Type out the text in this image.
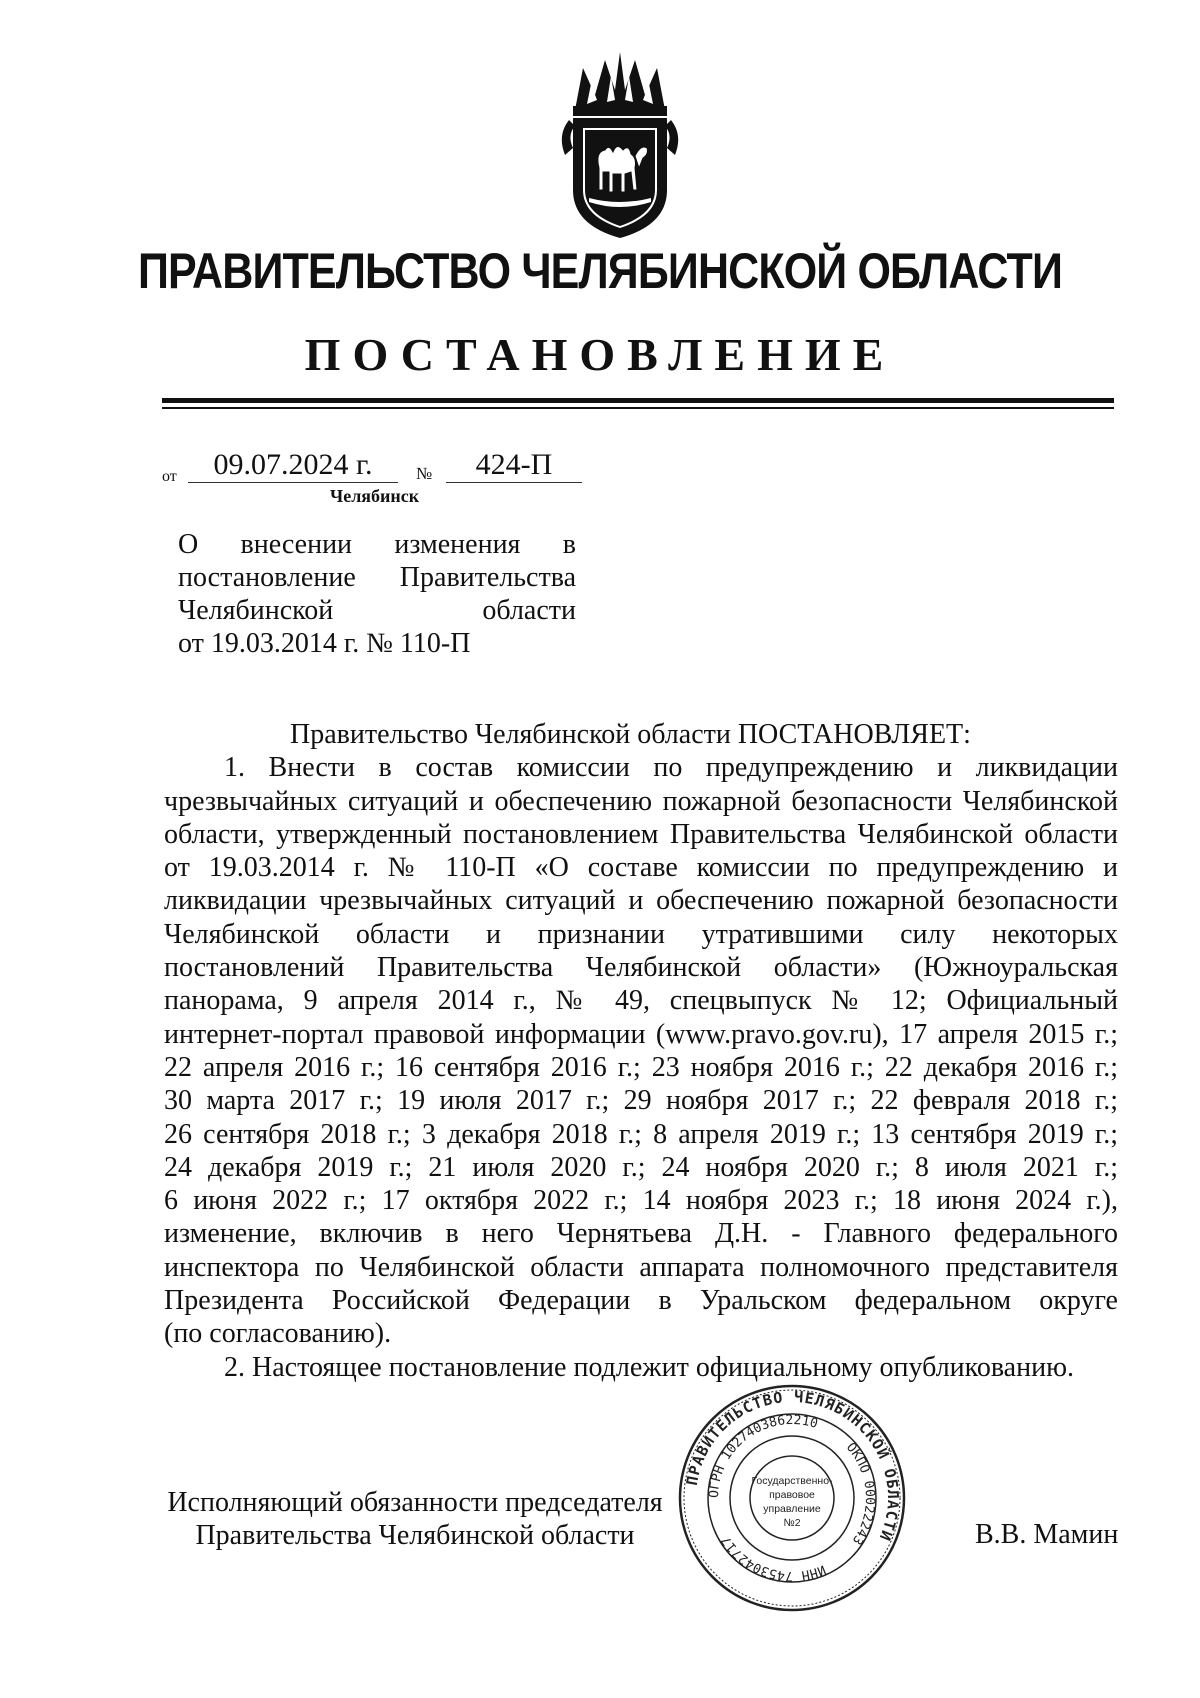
ПРАВИТЕЛЬСТВО ЧЕЛЯБИНСКОЙ ОБЛАСТИ
ПОСТАНОВЛЕНИЕ
от	09.07.2024 г.	№	424-П
Челябинск
О внесении изменения в
постановление Правительства
Челябинской области
от 19.03.2014 г. № 110-П
Правительство Челябинской области ПОСТАНОВЛЯЕТ:
1. Внести в состав комиссии по предупреждению и ликвидации
чрезвычайных ситуаций и обеспечению пожарной безопасности Челябинской
области, утвержденный постановлением Правительства Челябинской области
от 19.03.2014 г. № 110-П «О составе комиссии по предупреждению и
ликвидации чрезвычайных ситуаций и обеспечению пожарной безопасности
Челябинской области и признании утратившими силу некоторых
постановлений Правительства Челябинской области» (Южноуральская
панорама, 9 апреля 2014 г., № 49, спецвыпуск № 12; Официальный
интернет-портал правовой информации (www.pravo.gov.ru), 17 апреля 2015 г.;
22 апреля 2016 г.; 16 сентября 2016 г.; 23 ноября 2016 г.; 22 декабря 2016 г.;
30 марта 2017 г.; 19 июля 2017 г.; 29 ноября 2017 г.; 22 февраля 2018 г.;
26 сентября 2018 г.; 3 декабря 2018 г.; 8 апреля 2019 г.; 13 сентября 2019 г.;
24 декабря 2019 г.; 21 июля 2020 г.; 24 ноября 2020 г.; 8 июля 2021 г.;
6 июня 2022 г.; 17 октября 2022 г.; 14 ноября 2023 г.; 18 июня 2024 г.),
изменение, включив в него Чернятьева Д.Н. - Главного федерального
инспектора по Челябинской области аппарата полномочного представителя
Президента Российской Федерации в Уральском федеральном округе
(по согласованию).
2. Настоящее постановление подлежит официальному опубликованию.
Исполняющий обязанности председателя
Правительства Челябинской области	В.В. Мамин
ПРАВИТЕЛЬСТВО ЧЕЛЯБИНСКОЙ ОБЛАСТИ
ОГРН 1027403862210
ОКПО 00022243
ИНН 7453042717
Государственно-
правовое
управление
№2
